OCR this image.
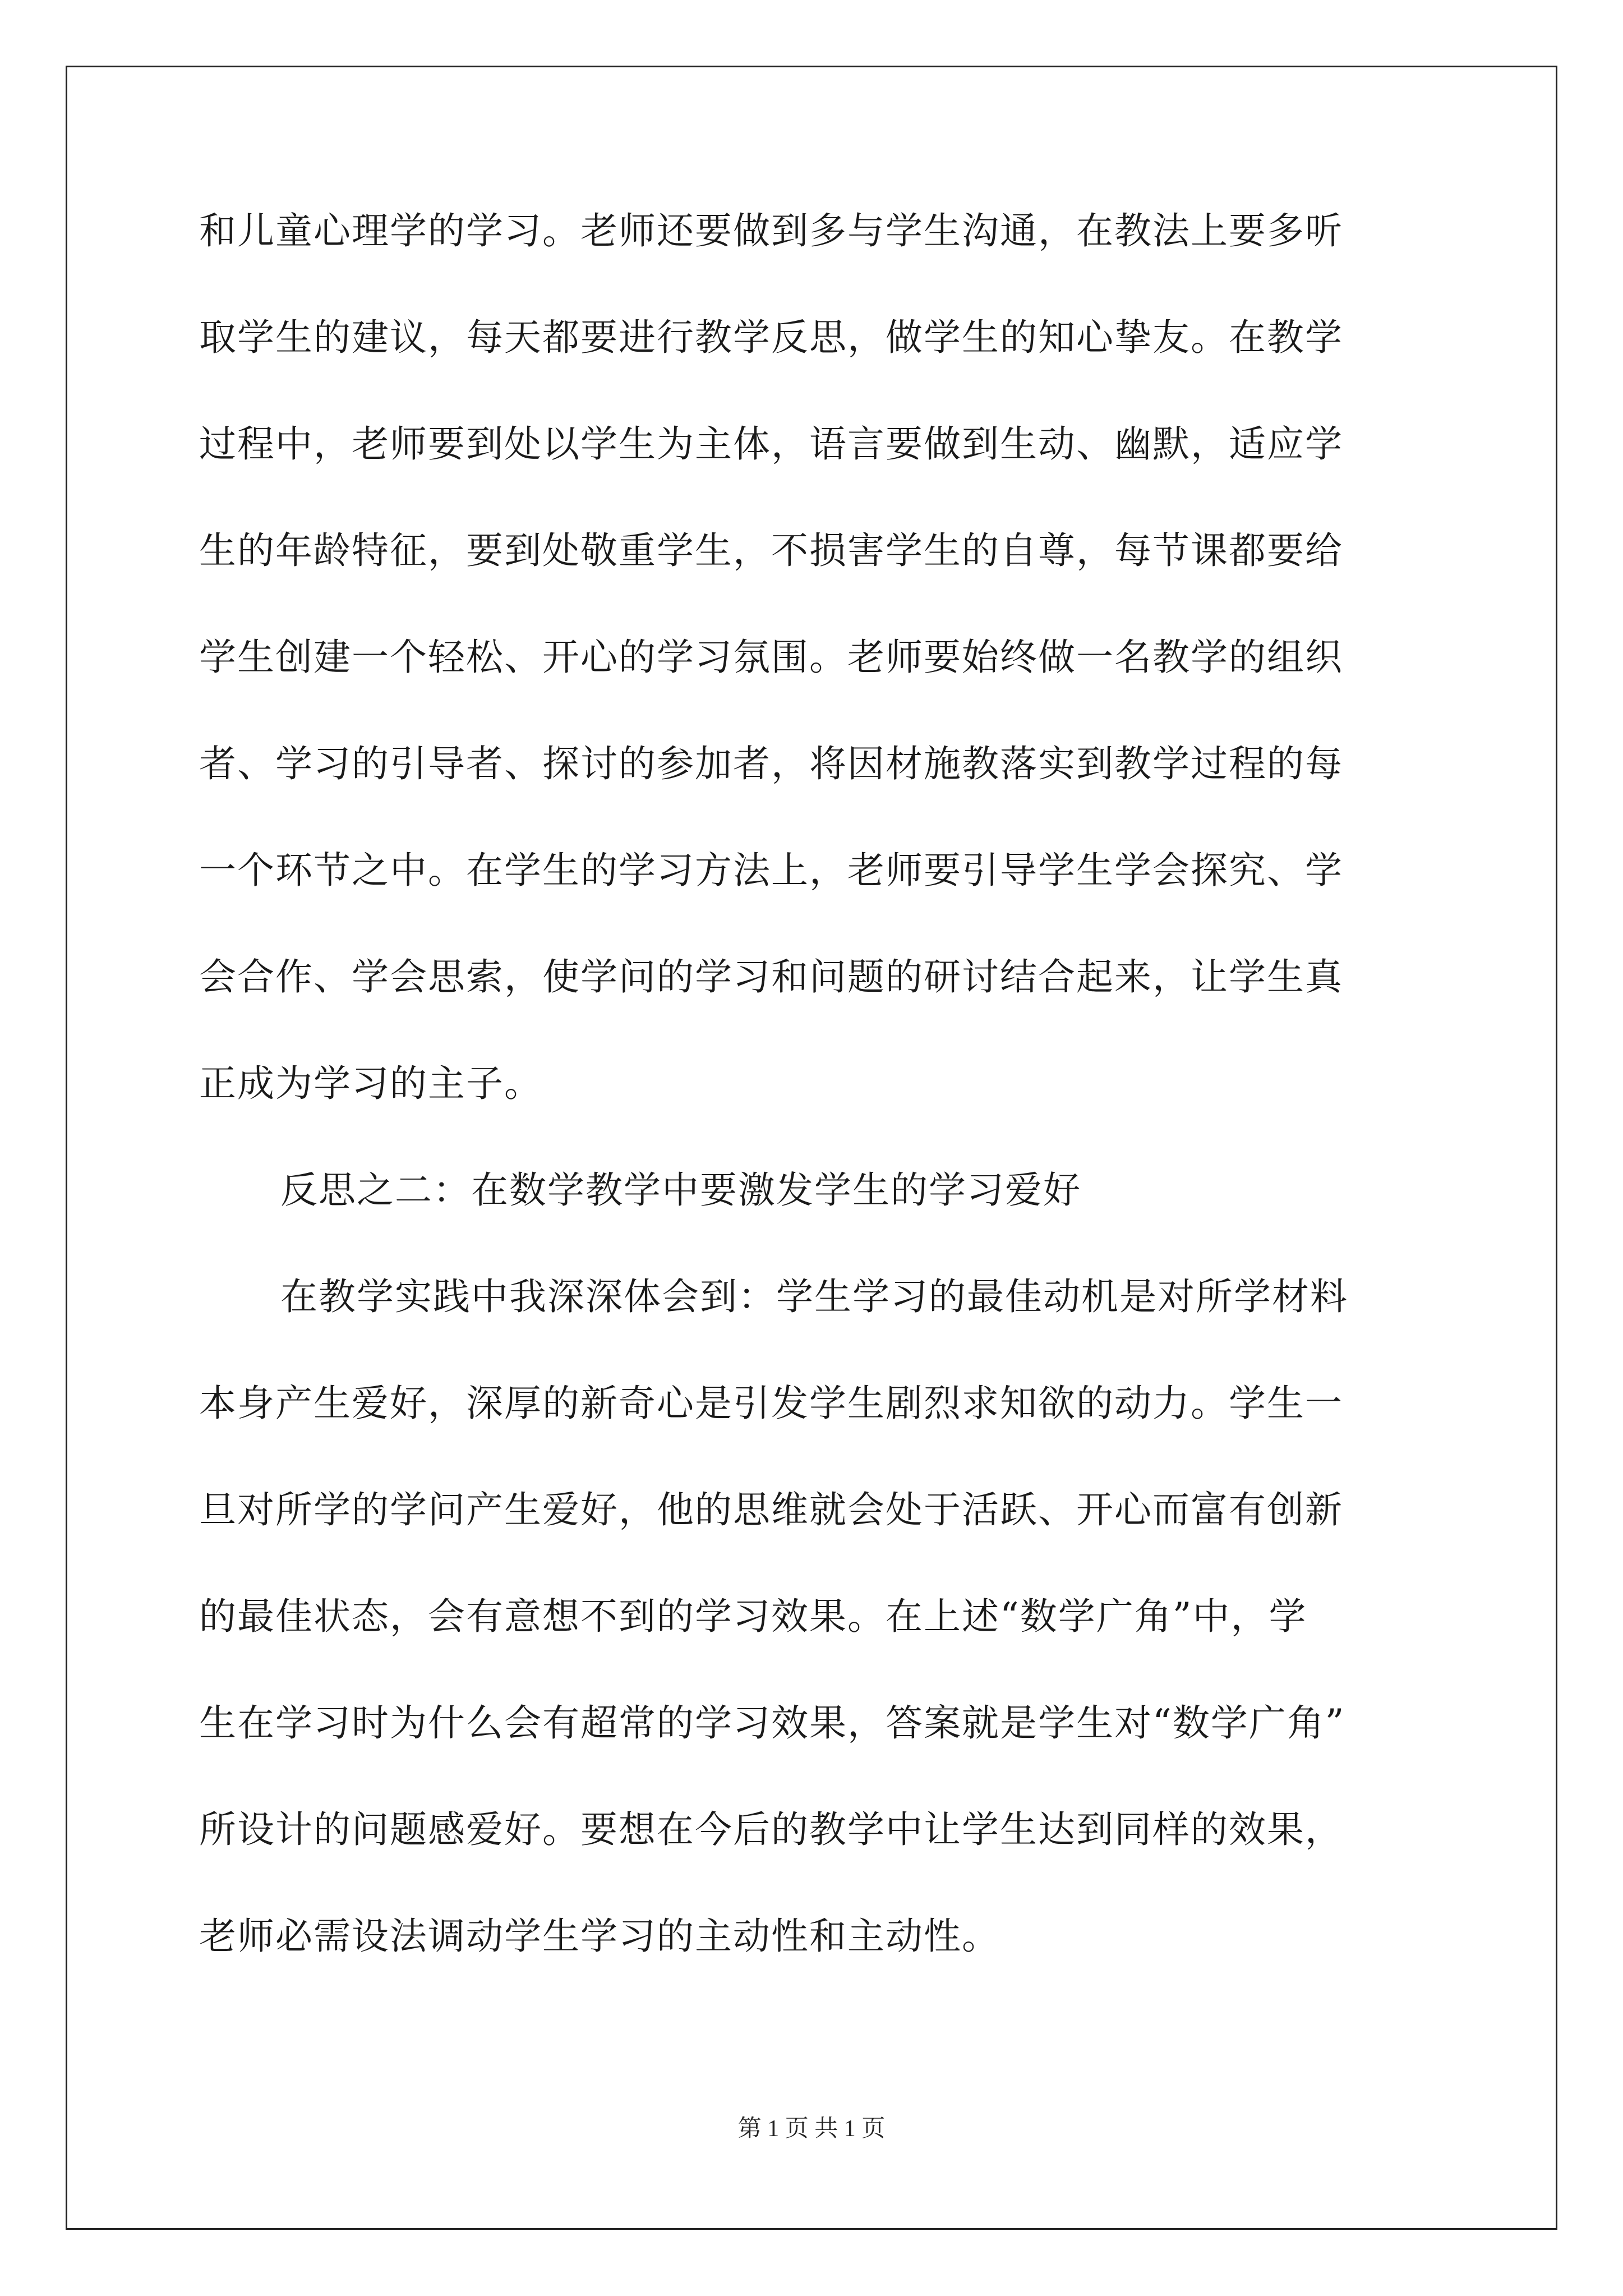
和儿童心理学的学习。老师还要做到多与学生沟通，在教法上要多听
取学生的建议，每天都要进行教学反思，做学生的知心挚友。在教学
过程中，老师要到处以学生为主体，语言要做到生动、幽默，适应学
生的年龄特征，要到处敬重学生，不损害学生的自尊，每节课都要给
学生创建一个轻松、开心的学习氛围。老师要始终做一名教学的组织
者、学习的引导者、探讨的参加者，将因材施教落实到教学过程的每
一个环节之中。在学生的学习方法上，老师要引导学生学会探究、学
会合作、学会思索，使学问的学习和问题的研讨结合起来，让学生真
正成为学习的主子。
反思之二：在数学教学中要激发学生的学习爱好
在教学实践中我深深体会到：学生学习的最佳动机是对所学材料
本身产生爱好，深厚的新奇心是引发学生剧烈求知欲的动力。学生一
旦对所学的学问产生爱好，他的思维就会处于活跃、开心而富有创新
的最佳状态，会有意想不到的学习效果。在上述“数学广角”中，学
生在学习时为什么会有超常的学习效果，答案就是学生对“数学广角”
所设计的问题感爱好。要想在今后的教学中让学生达到同样的效果，
老师必需设法调动学生学习的主动性和主动性。
第 1 页 共 1 页
